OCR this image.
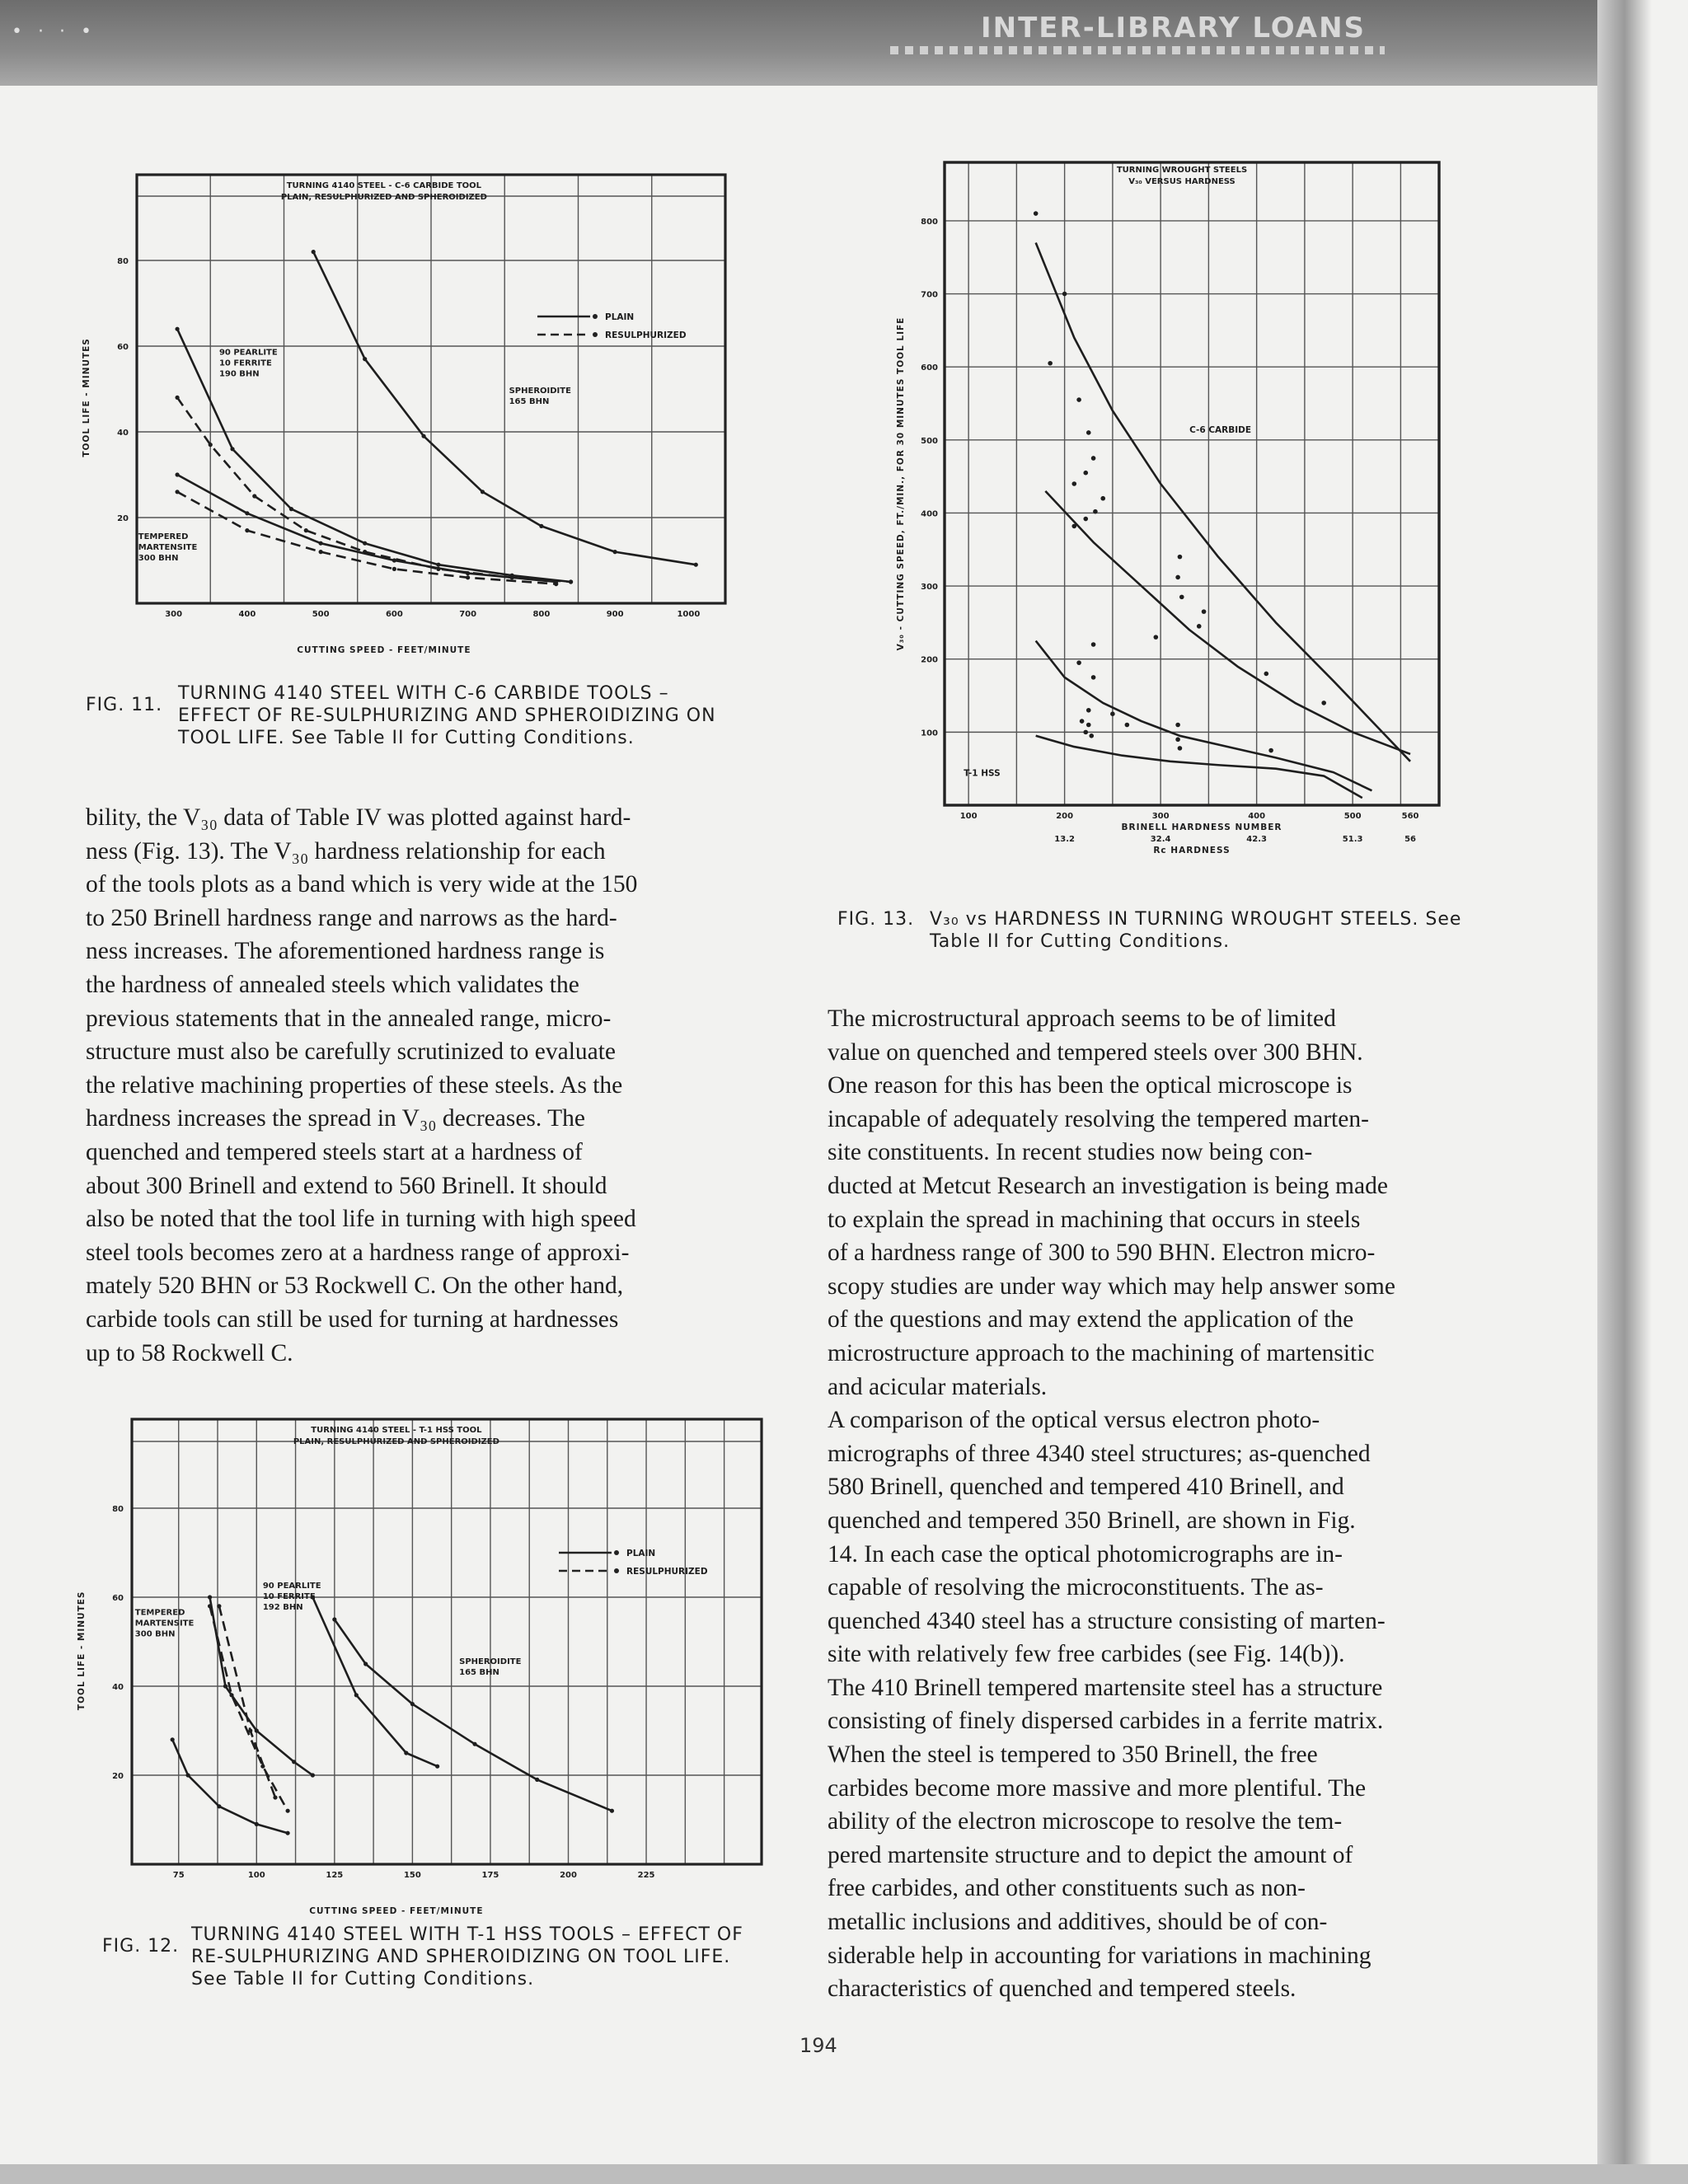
• · · •	INTER-LIBRARY LOANS
TURNING 4140 STEEL - C-6 CARBIDE TOOL
PLAIN, RESULPHURIZED AND SPHEROIDIZED
300	400	500	600	700	800	900	1000
20
40
60
80
CUTTING SPEED - FEET/MINUTE
TOOL LIFE - MINUTES
PLAIN
RESULPHURIZED
90 PEARLITE
10 FERRITE
190 BHN
SPHEROIDITE
165 BHN
TEMPERED
MARTENSITE
300 BHN
FIG. 11.
TURNING 4140 STEEL WITH C-6 CARBIDE TOOLS –
EFFECT OF RE-SULPHURIZING AND SPHEROIDIZING ON
TOOL LIFE. See Table II for Cutting Conditions.
TURNING WROUGHT STEELS
V₃₀ VERSUS HARDNESS
100
200
300
400
500
600
700
800
100	200	300	400	500	560
BRINELL HARDNESS NUMBER
13.2	32.4	42.3	51.3	56
Rc HARDNESS
V₃₀ - CUTTING SPEED, FT./MIN., FOR 30 MINUTES TOOL LIFE	C-6 CARBIDE
T-1 HSS
FIG. 13. V₃₀ vs HARDNESS IN TURNING WROUGHT STEELS. See
Table II for Cutting Conditions.
bility, the V₃₀ data of Table IV was plotted against hard-
ness (Fig. 13). The V₃₀ hardness relationship for each
of the tools plots as a band which is very wide at the 150
to 250 Brinell hardness range and narrows as the hard-
ness increases. The aforementioned hardness range is
the hardness of annealed steels which validates the
previous statements that in the annealed range, micro-
structure must also be carefully scrutinized to evaluate
the relative machining properties of these steels. As the
hardness increases the spread in V₃₀ decreases. The
quenched and tempered steels start at a hardness of
about 300 Brinell and extend to 560 Brinell. It should
also be noted that the tool life in turning with high speed
steel tools becomes zero at a hardness range of approxi-
mately 520 BHN or 53 Rockwell C. On the other hand,
carbide tools can still be used for turning at hardnesses
up to 58 Rockwell C.
TURNING 4140 STEEL - T-1 HSS TOOL
PLAIN, RESULPHURIZED AND SPHEROIDIZED
75	100	125	150	175	200	225
20
40
60
80
CUTTING SPEED - FEET/MINUTE
TOOL LIFE - MINUTES
PLAIN
RESULPHURIZED
TEMPERED
MARTENSITE
300 BHN
90 PEARLITE
10 FERRITE
192 BHN
SPHEROIDITE
165 BHN
FIG. 12.
TURNING 4140 STEEL WITH T-1 HSS TOOLS – EFFECT OF
RE-SULPHURIZING AND SPHEROIDIZING ON TOOL LIFE.
See Table II for Cutting Conditions.
The microstructural approach seems to be of limited
value on quenched and tempered steels over 300 BHN.
One reason for this has been the optical microscope is
incapable of adequately resolving the tempered marten-
site constituents. In recent studies now being con-
ducted at Metcut Research an investigation is being made
to explain the spread in machining that occurs in steels
of a hardness range of 300 to 590 BHN. Electron micro-
scopy studies are under way which may help answer some
of the questions and may extend the application of the
microstructure approach to the machining of martensitic
and acicular materials.
A comparison of the optical versus electron photo-
micrographs of three 4340 steel structures; as-quenched
580 Brinell, quenched and tempered 410 Brinell, and
quenched and tempered 350 Brinell, are shown in Fig.
14. In each case the optical photomicrographs are in-
capable of resolving the microconstituents. The as-
quenched 4340 steel has a structure consisting of marten-
site with relatively few free carbides (see Fig. 14(b)).
The 410 Brinell tempered martensite steel has a structure
consisting of finely dispersed carbides in a ferrite matrix.
When the steel is tempered to 350 Brinell, the free
carbides become more massive and more plentiful. The
ability of the electron microscope to resolve the tem-
pered martensite structure and to depict the amount of
free carbides, and other constituents such as non-
metallic inclusions and additives, should be of con-
siderable help in accounting for variations in machining
characteristics of quenched and tempered steels.
194
